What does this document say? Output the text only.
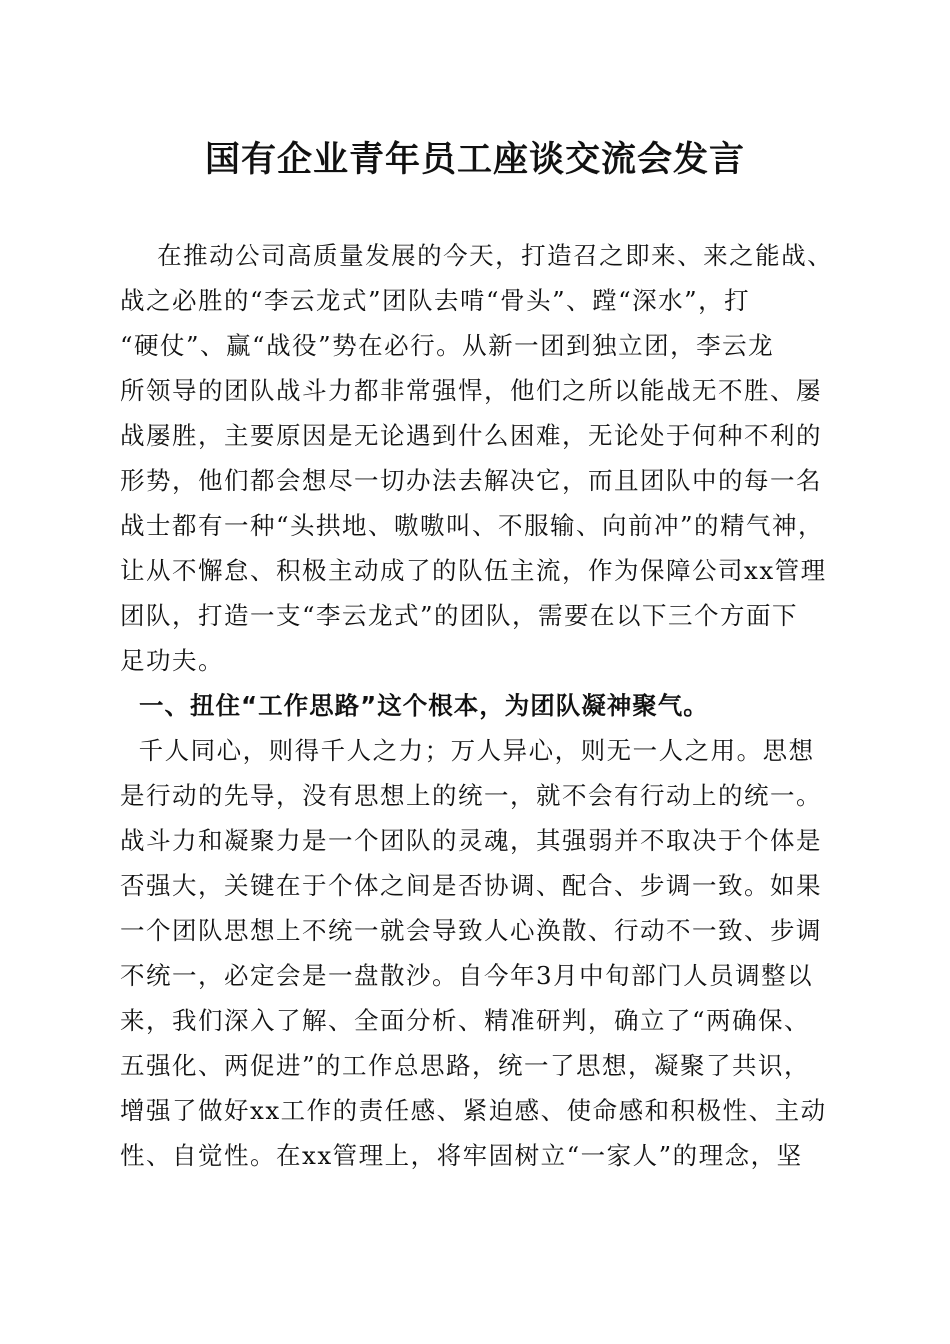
国有企业青年员工座谈交流会发言
在推动公司高质量发展的今天，打造召之即来、来之能战、
战之必胜的“李云龙式”团队去啃“骨头”、蹚“深水”，打
“硬仗”、赢“战役”势在必行。从新一团到独立团，李云龙
所领导的团队战斗力都非常强悍，他们之所以能战无不胜、屡
战屡胜，主要原因是无论遇到什么困难，无论处于何种不利的
形势，他们都会想尽一切办法去解决它，而且团队中的每一名
战士都有一种“头拱地、嗷嗷叫、不服输、向前冲”的精气神，
让从不懈怠、积极主动成了的队伍主流，作为保障公司xx管理
团队，打造一支“李云龙式”的团队，需要在以下三个方面下
足功夫。
一、扭住“工作思路”这个根本，为团队凝神聚气。
千人同心，则得千人之力；万人异心，则无一人之用。思想
是行动的先导，没有思想上的统一，就不会有行动上的统一。
战斗力和凝聚力是一个团队的灵魂，其强弱并不取决于个体是
否强大，关键在于个体之间是否协调、配合、步调一致。如果
一个团队思想上不统一就会导致人心涣散、行动不一致、步调
不统一，必定会是一盘散沙。自今年3月中旬部门人员调整以
来，我们深入了解、全面分析、精准研判，确立了“两确保、
五强化、两促进”的工作总思路，统一了思想，凝聚了共识，
增强了做好xx工作的责任感、紧迫感、使命感和积极性、主动
性、自觉性。在xx管理上，将牢固树立“一家人”的理念，坚
